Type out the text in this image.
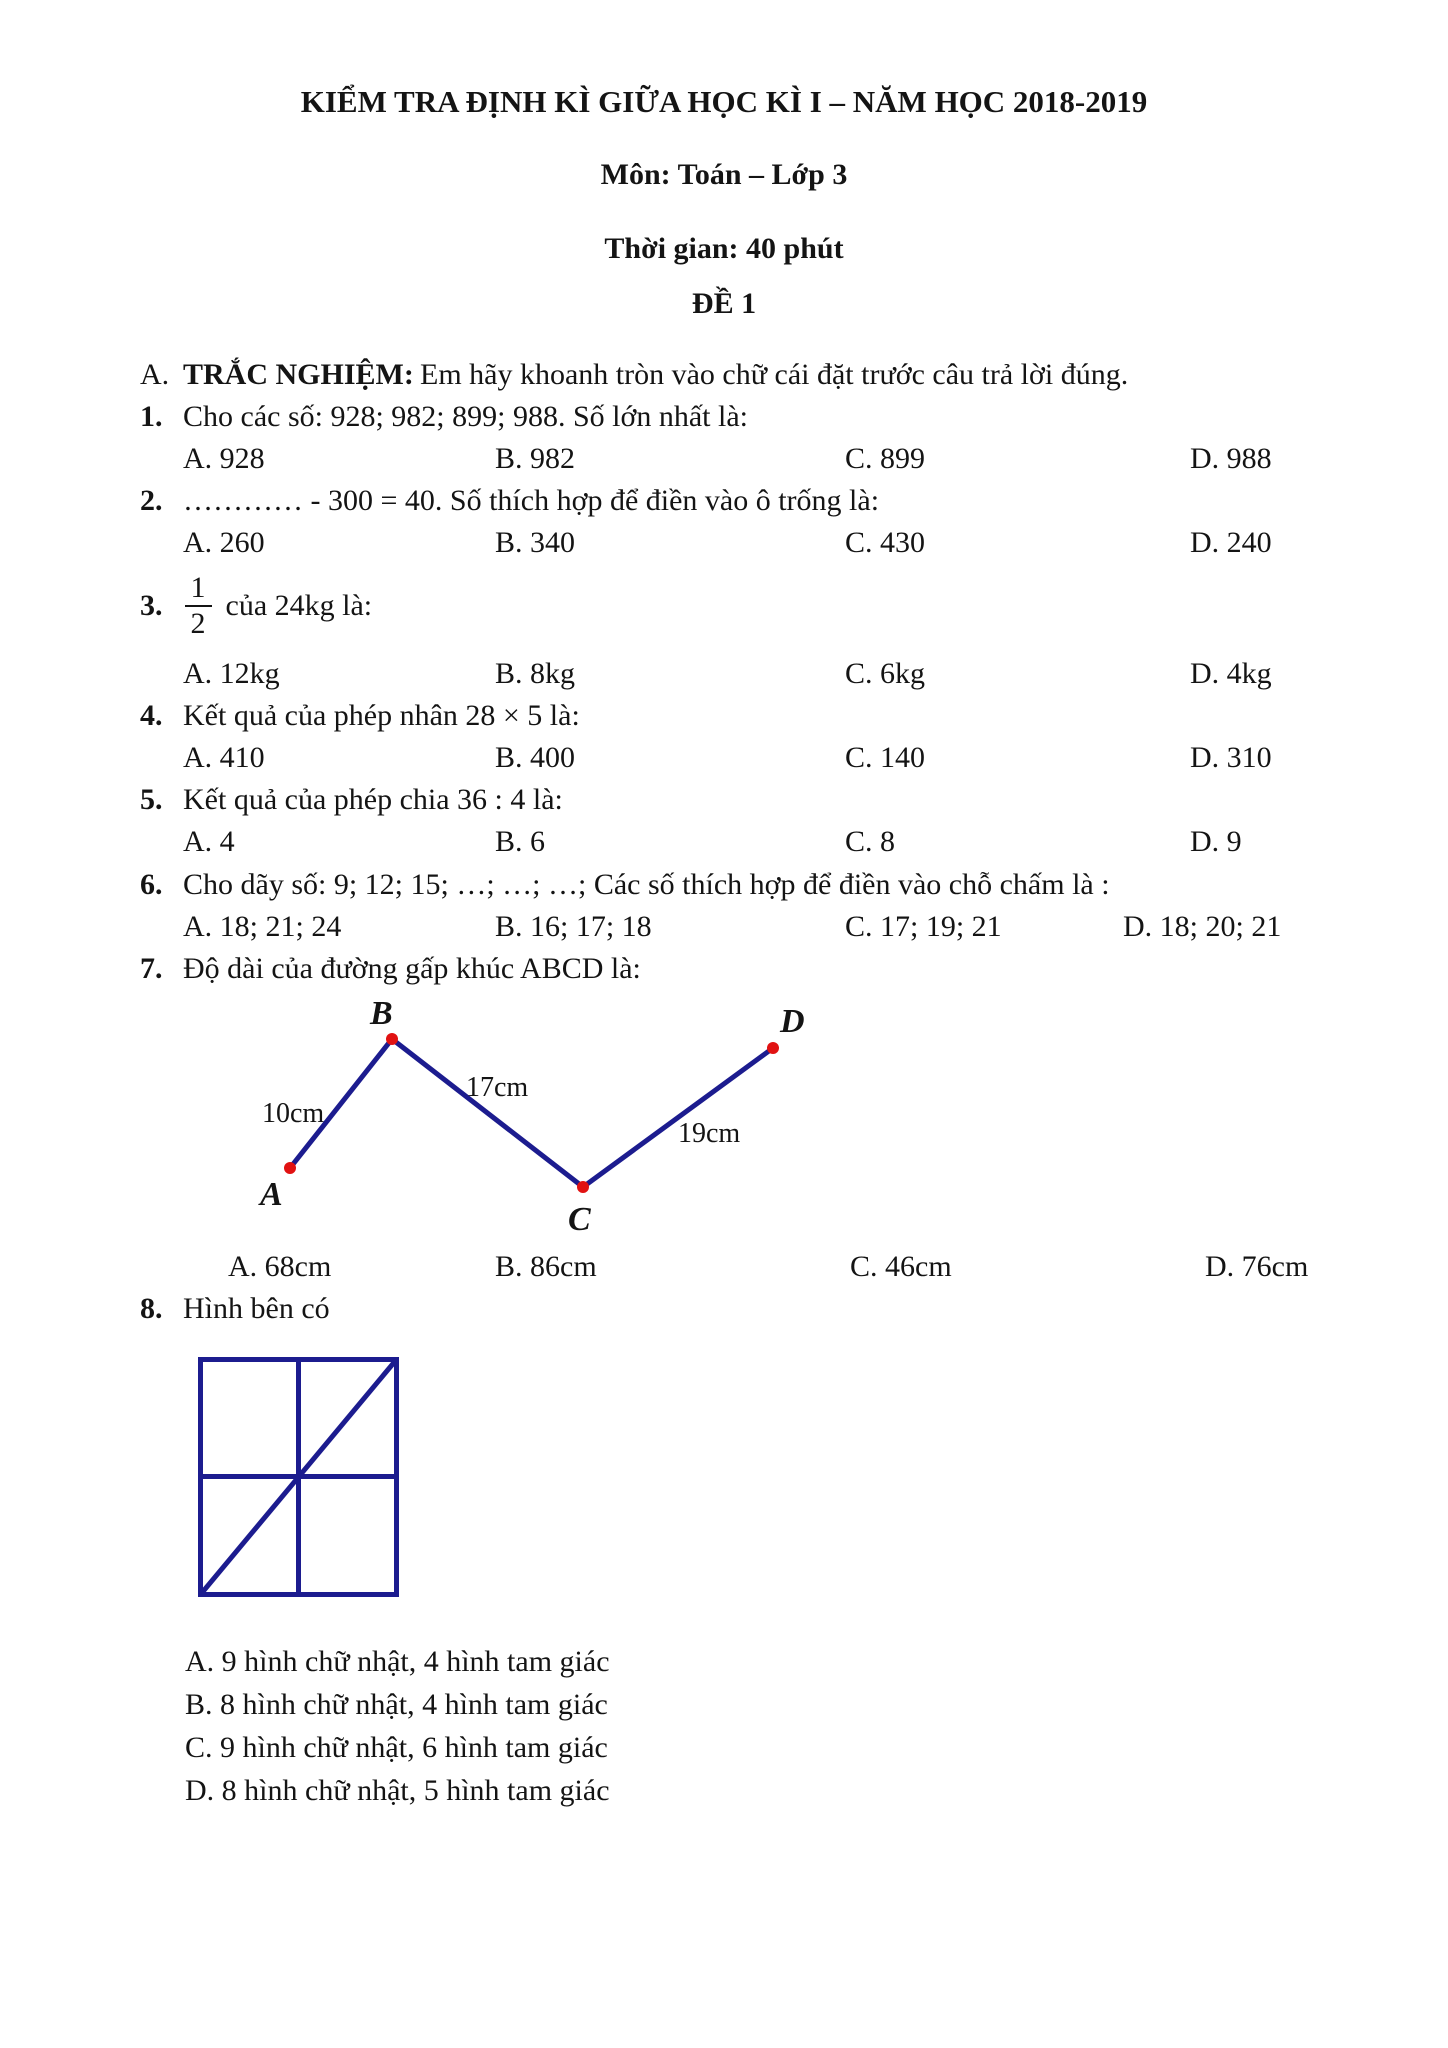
KIỂM TRA ĐỊNH KÌ GIỮA HỌC KÌ I – NĂM HỌC 2018-2019
Môn: Toán – Lớp 3
Thời gian: 40 phút
ĐỀ 1
A. TRẮC NGHIỆM: Em hãy khoanh tròn vào chữ cái đặt trước câu trả lời đúng.
1. Cho các số: 928; 982; 899; 988. Số lớn nhất là:
A. 928	B. 982	C. 899	D. 988
2. ………… - 300 = 40. Số thích hợp để điền vào ô trống là:
A. 260	B. 340	C. 430	D. 240
3. $\frac{1}{2}$ của 24kg là:
A. 12kg	B. 8kg	C. 6kg	D. 4kg
4. Kết quả của phép nhân 28 × 5 là:
A. 410	B. 400	C. 140	D. 310
5. Kết quả của phép chia 36 : 4 là:
A. 4	B. 6	C. 8	D. 9
6. Cho dãy số: 9; 12; 15; …; …; …; Các số thích hợp để điền vào chỗ chấm là :
A. 18; 21; 24	B. 16; 17; 18	C. 17; 19; 21	D. 18; 20; 21
7. Độ dài của đường gấp khúc ABCD là:
A
B
C
D
10cm
17cm
19cm
A. 68cm	B. 86cm	C. 46cm	D. 76cm
8. Hình bên có
A. 9 hình chữ nhật, 4 hình tam giác
B. 8 hình chữ nhật, 4 hình tam giác
C. 9 hình chữ nhật, 6 hình tam giác
D. 8 hình chữ nhật, 5 hình tam giác
